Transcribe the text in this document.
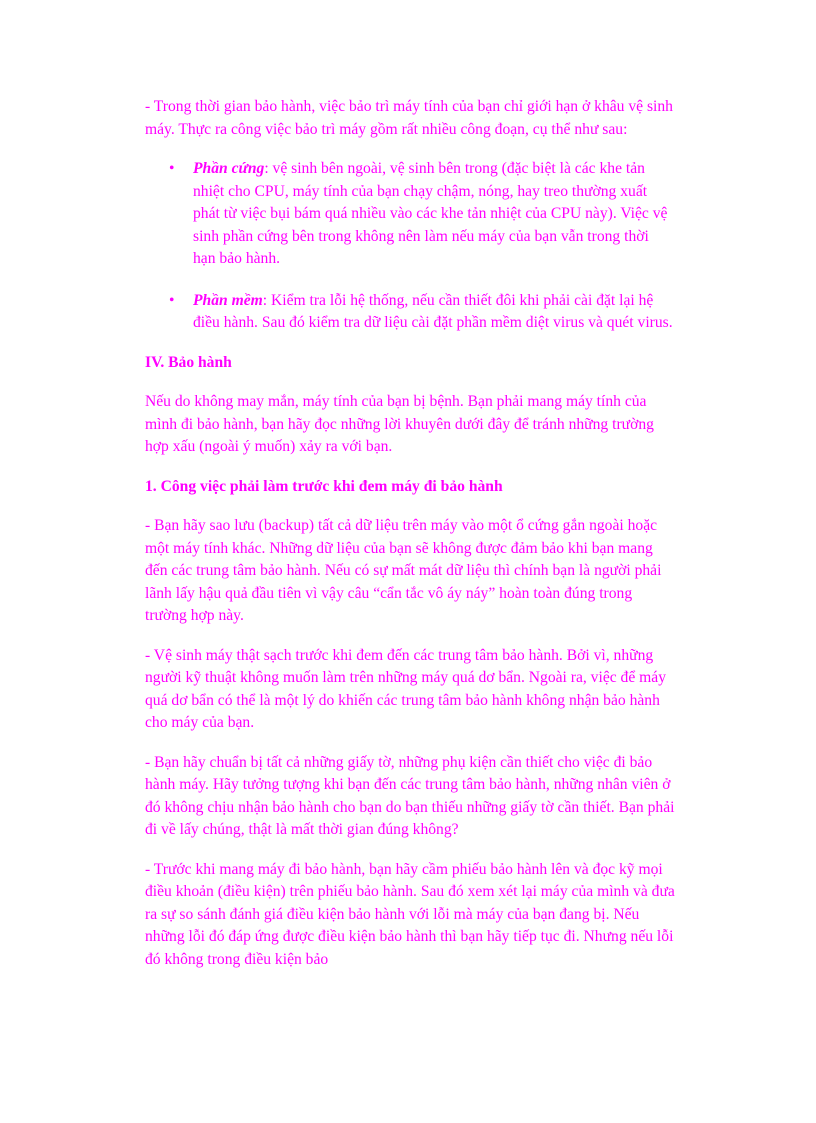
- Trong thời gian bảo hành, việc bảo trì máy tính của bạn chỉ giới hạn ở khâu vệ sinh máy. Thực ra công việc bảo trì máy gồm rất nhiều công đoạn, cụ thể như sau:

• Phần cứng: vệ sinh bên ngoài, vệ sinh bên trong (đặc biệt là các khe tản nhiệt cho CPU, máy tính của bạn chạy chậm, nóng, hay treo thường xuất phát từ việc bụi bám quá nhiều vào các khe tản nhiệt của CPU này). Việc vệ sinh phần cứng bên trong không nên làm nếu máy của bạn vẫn trong thời hạn bảo hành.
• Phần mềm: Kiểm tra lỗi hệ thống, nếu cần thiết đôi khi phải cài đặt lại hệ điều hành. Sau đó kiểm tra dữ liệu cài đặt phần mềm diệt virus và quét virus.
IV. Bảo hành

Nếu do không may mắn, máy tính của bạn bị bệnh. Bạn phải mang máy tính của mình đi bảo hành, bạn hãy đọc những lời khuyên dưới đây để tránh những trường hợp xấu (ngoài ý muốn) xảy ra với bạn.

1. Công việc phải làm trước khi đem máy đi bảo hành

- Bạn hãy sao lưu (backup) tất cả dữ liệu trên máy vào một ổ cứng gắn ngoài hoặc một máy tính khác. Những dữ liệu của bạn sẽ không được đảm bảo khi bạn mang đến các trung tâm bảo hành. Nếu có sự mất mát dữ liệu thì chính bạn là người phải lãnh lấy hậu quả đầu tiên vì vậy câu “cẩn tắc vô áy náy” hoàn toàn đúng trong trường hợp này.

- Vệ sinh máy thật sạch trước khi đem đến các trung tâm bảo hành. Bởi vì, những người kỹ thuật không muốn làm trên những máy quá dơ bẩn. Ngoài ra, việc để máy quá dơ bẩn có thể là một lý do khiến các trung tâm bảo hành không nhận bảo hành cho máy của bạn.

- Bạn hãy chuẩn bị tất cả những giấy tờ, những phụ kiện cần thiết cho việc đi bảo hành máy. Hãy tưởng tượng khi bạn đến các trung tâm bảo hành, những nhân viên ở đó không chịu nhận bảo hành cho bạn do bạn thiếu những giấy tờ cần thiết. Bạn phải đi về lấy chúng, thật là mất thời gian đúng không?

- Trước khi mang máy đi bảo hành, bạn hãy cầm phiếu bảo hành lên và đọc kỹ mọi điều khoản (điều kiện) trên phiếu bảo hành. Sau đó xem xét lại máy của mình và đưa ra sự so sánh đánh giá điều kiện bảo hành với lỗi mà máy của bạn đang bị. Nếu những lỗi đó đáp ứng được điều kiện bảo hành thì bạn hãy tiếp tục đi. Nhưng nếu lỗi đó không trong điều kiện bảo
